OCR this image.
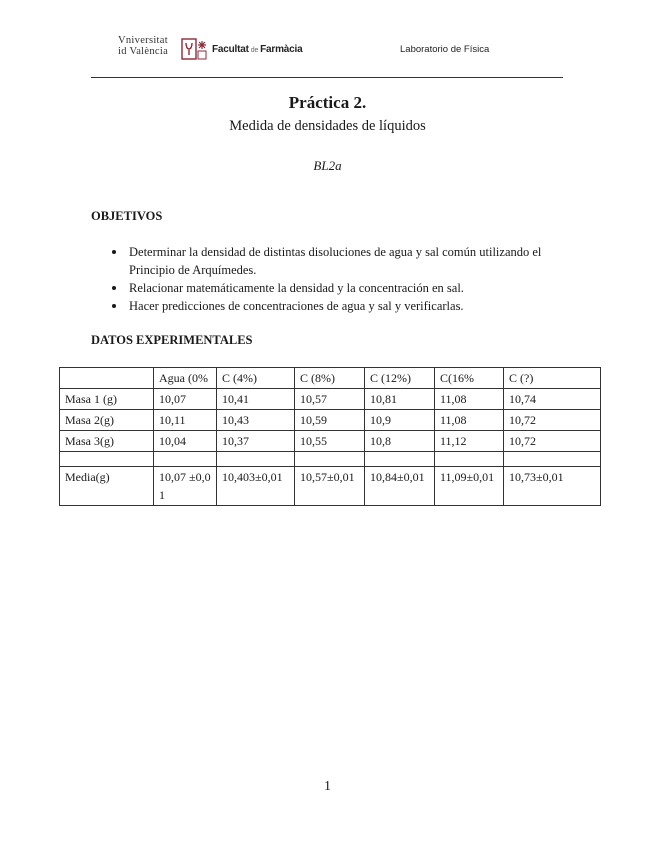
Vniversitat
id València	Facultat de Farmàcia	Laboratorio de Física
Práctica 2.
Medida de densidades de líquidos
BL2a
OBJETIVOS
Determinar la densidad de distintas disoluciones de agua y sal común utilizando el Principio de Arquímedes.
Relacionar matemáticamente la densidad y la concentración en sal.
Hacer predicciones de concentraciones de agua y sal y verificarlas.
DATOS EXPERIMENTALES
	Agua (0%	C (4%)	C (8%)	C (12%)	C(16%	C (?)
Masa 1 (g)	10,07	10,41	10,57	10,81	11,08	10,74
Masa 2(g)	10,11	10,43	10,59	10,9	11,08	10,72
Masa 3(g)	10,04	10,37	10,55	10,8	11,12	10,72

Media(g)	10,07 ±0,01	10,403±0,01	10,57±0,01	10,84±0,01	11,09±0,01	10,73±0,01
1
